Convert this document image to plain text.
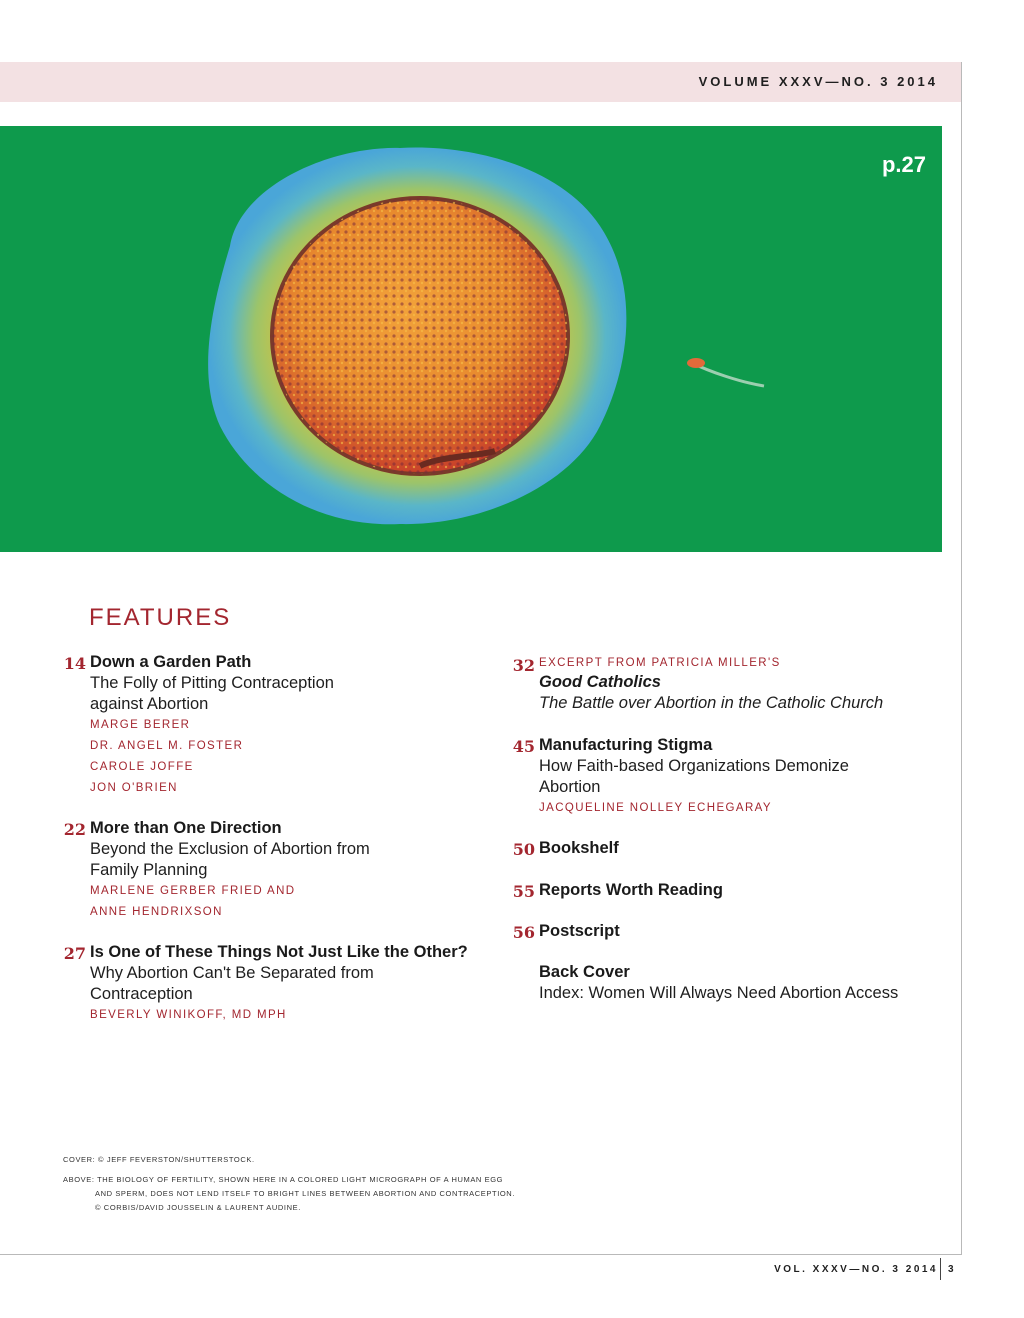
VOLUME XXXV—NO. 3 2014
p.27
FEATURES
14 Down a Garden Path
The Folly of Pitting Contraception against Abortion
MARGE BERER
DR. ANGEL M. FOSTER
CAROLE JOFFE
JON O'BRIEN
22 More than One Direction
Beyond the Exclusion of Abortion from Family Planning
MARLENE GERBER FRIED AND
ANNE HENDRIXSON
27 Is One of These Things Not Just Like the Other?
Why Abortion Can't Be Separated from Contraception
BEVERLY WINIKOFF, MD MPH
32 EXCERPT FROM PATRICIA MILLER'S
Good Catholics
The Battle over Abortion in the Catholic Church
45 Manufacturing Stigma
How Faith-based Organizations Demonize Abortion
JACQUELINE NOLLEY ECHEGARAY
50 Bookshelf
55 Reports Worth Reading
56 Postscript
Back Cover
Index: Women Will Always Need Abortion Access
COVER: © JEFF FEVERSTON/SHUTTERSTOCK.
ABOVE: THE BIOLOGY OF FERTILITY, SHOWN HERE IN A COLORED LIGHT MICROGRAPH OF A HUMAN EGG
AND SPERM, DOES NOT LEND ITSELF TO BRIGHT LINES BETWEEN ABORTION AND CONTRACEPTION.
© CORBIS/DAVID JOUSSELIN & LAURENT AUDINE.
VOL. XXXV—NO. 3 2014 3
